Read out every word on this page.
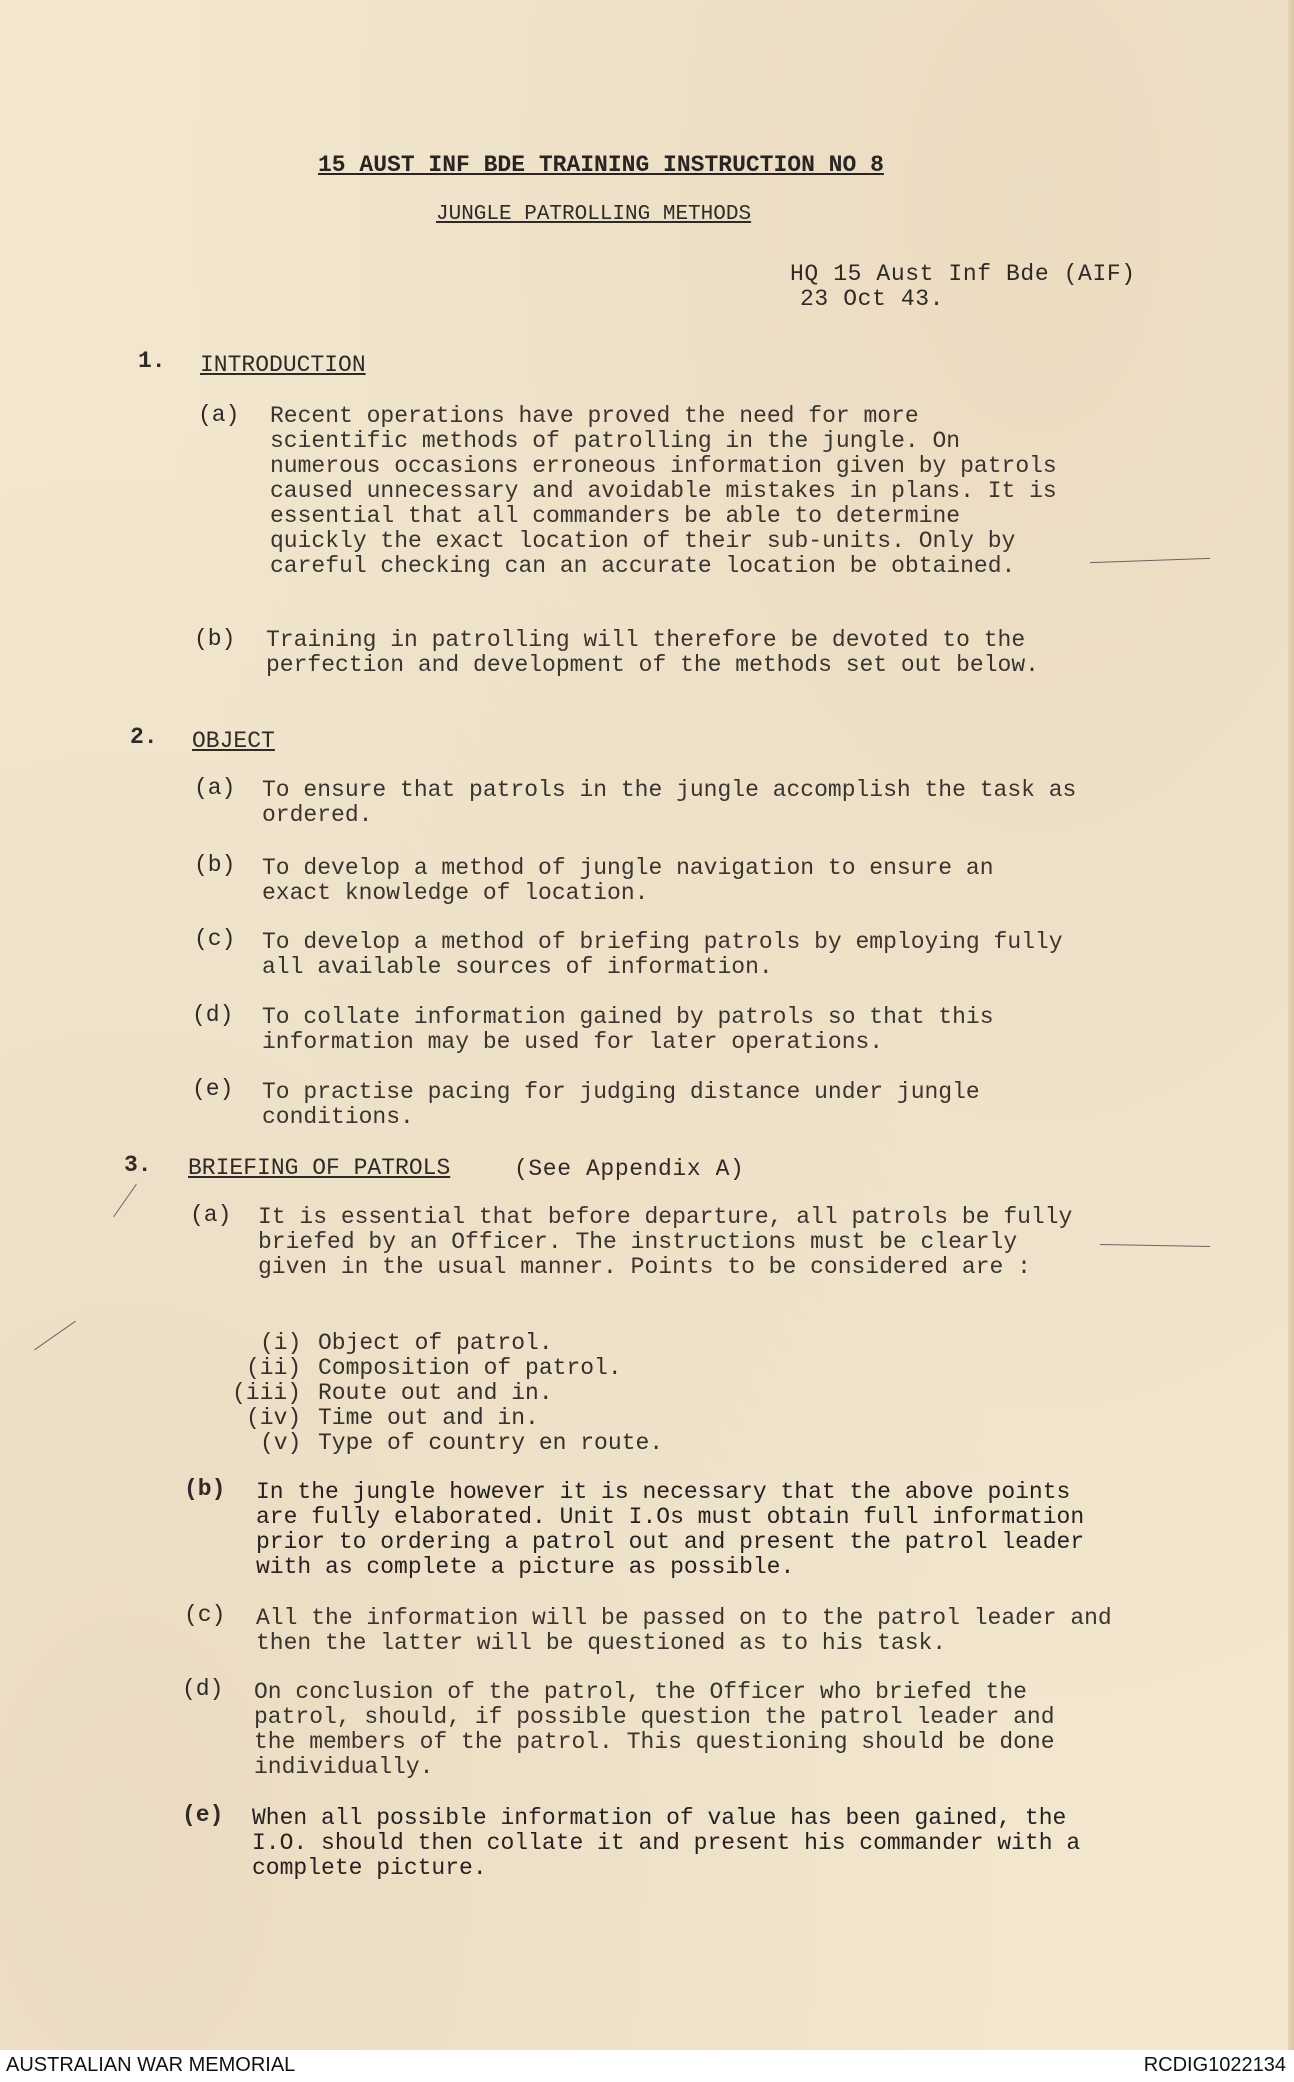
15 AUST INF BDE TRAINING INSTRUCTION NO 8
JUNGLE PATROLLING METHODS
HQ 15 Aust Inf Bde (AIF)
23 Oct 43.
1. INTRODUCTION
(a) Recent operations have proved the need for more scientific methods of patrolling in the jungle. On numerous occasions erroneous information given by patrols caused unnecessary and avoidable mistakes in plans. It is essential that all commanders be able to determine quickly the exact location of their sub-units. Only by careful checking can an accurate location be obtained.
(b) Training in patrolling will therefore be devoted to the perfection and development of the methods set out below.
2. OBJECT
(a) To ensure that patrols in the jungle accomplish the task as ordered.
(b) To develop a method of jungle navigation to ensure an exact knowledge of location.
(c) To develop a method of briefing patrols by employing fully all available sources of information.
(d) To collate information gained by patrols so that this information may be used for later operations.
(e) To practise pacing for judging distance under jungle conditions.
3. BRIEFING OF PATROLS	(See Appendix A)
(a) It is essential that before departure, all patrols be fully briefed by an Officer. The instructions must be clearly given in the usual manner. Points to be considered are :
(i) Object of patrol.
(ii) Composition of patrol.
(iii) Route out and in.
(iv) Time out and in.
(v) Type of country en route.
(b) In the jungle however it is necessary that the above points are fully elaborated. Unit I.Os must obtain full information prior to ordering a patrol out and present the patrol leader with as complete a picture as possible.
(c) All the information will be passed on to the patrol leader and then the latter will be questioned as to his task.
(d) On conclusion of the patrol, the Officer who briefed the patrol, should, if possible question the patrol leader and the members of the patrol. This questioning should be done individually.
(e) When all possible information of value has been gained, the I.O. should then collate it and present his commander with a complete picture.
AUSTRALIAN WAR MEMORIAL	RCDIG1022134
